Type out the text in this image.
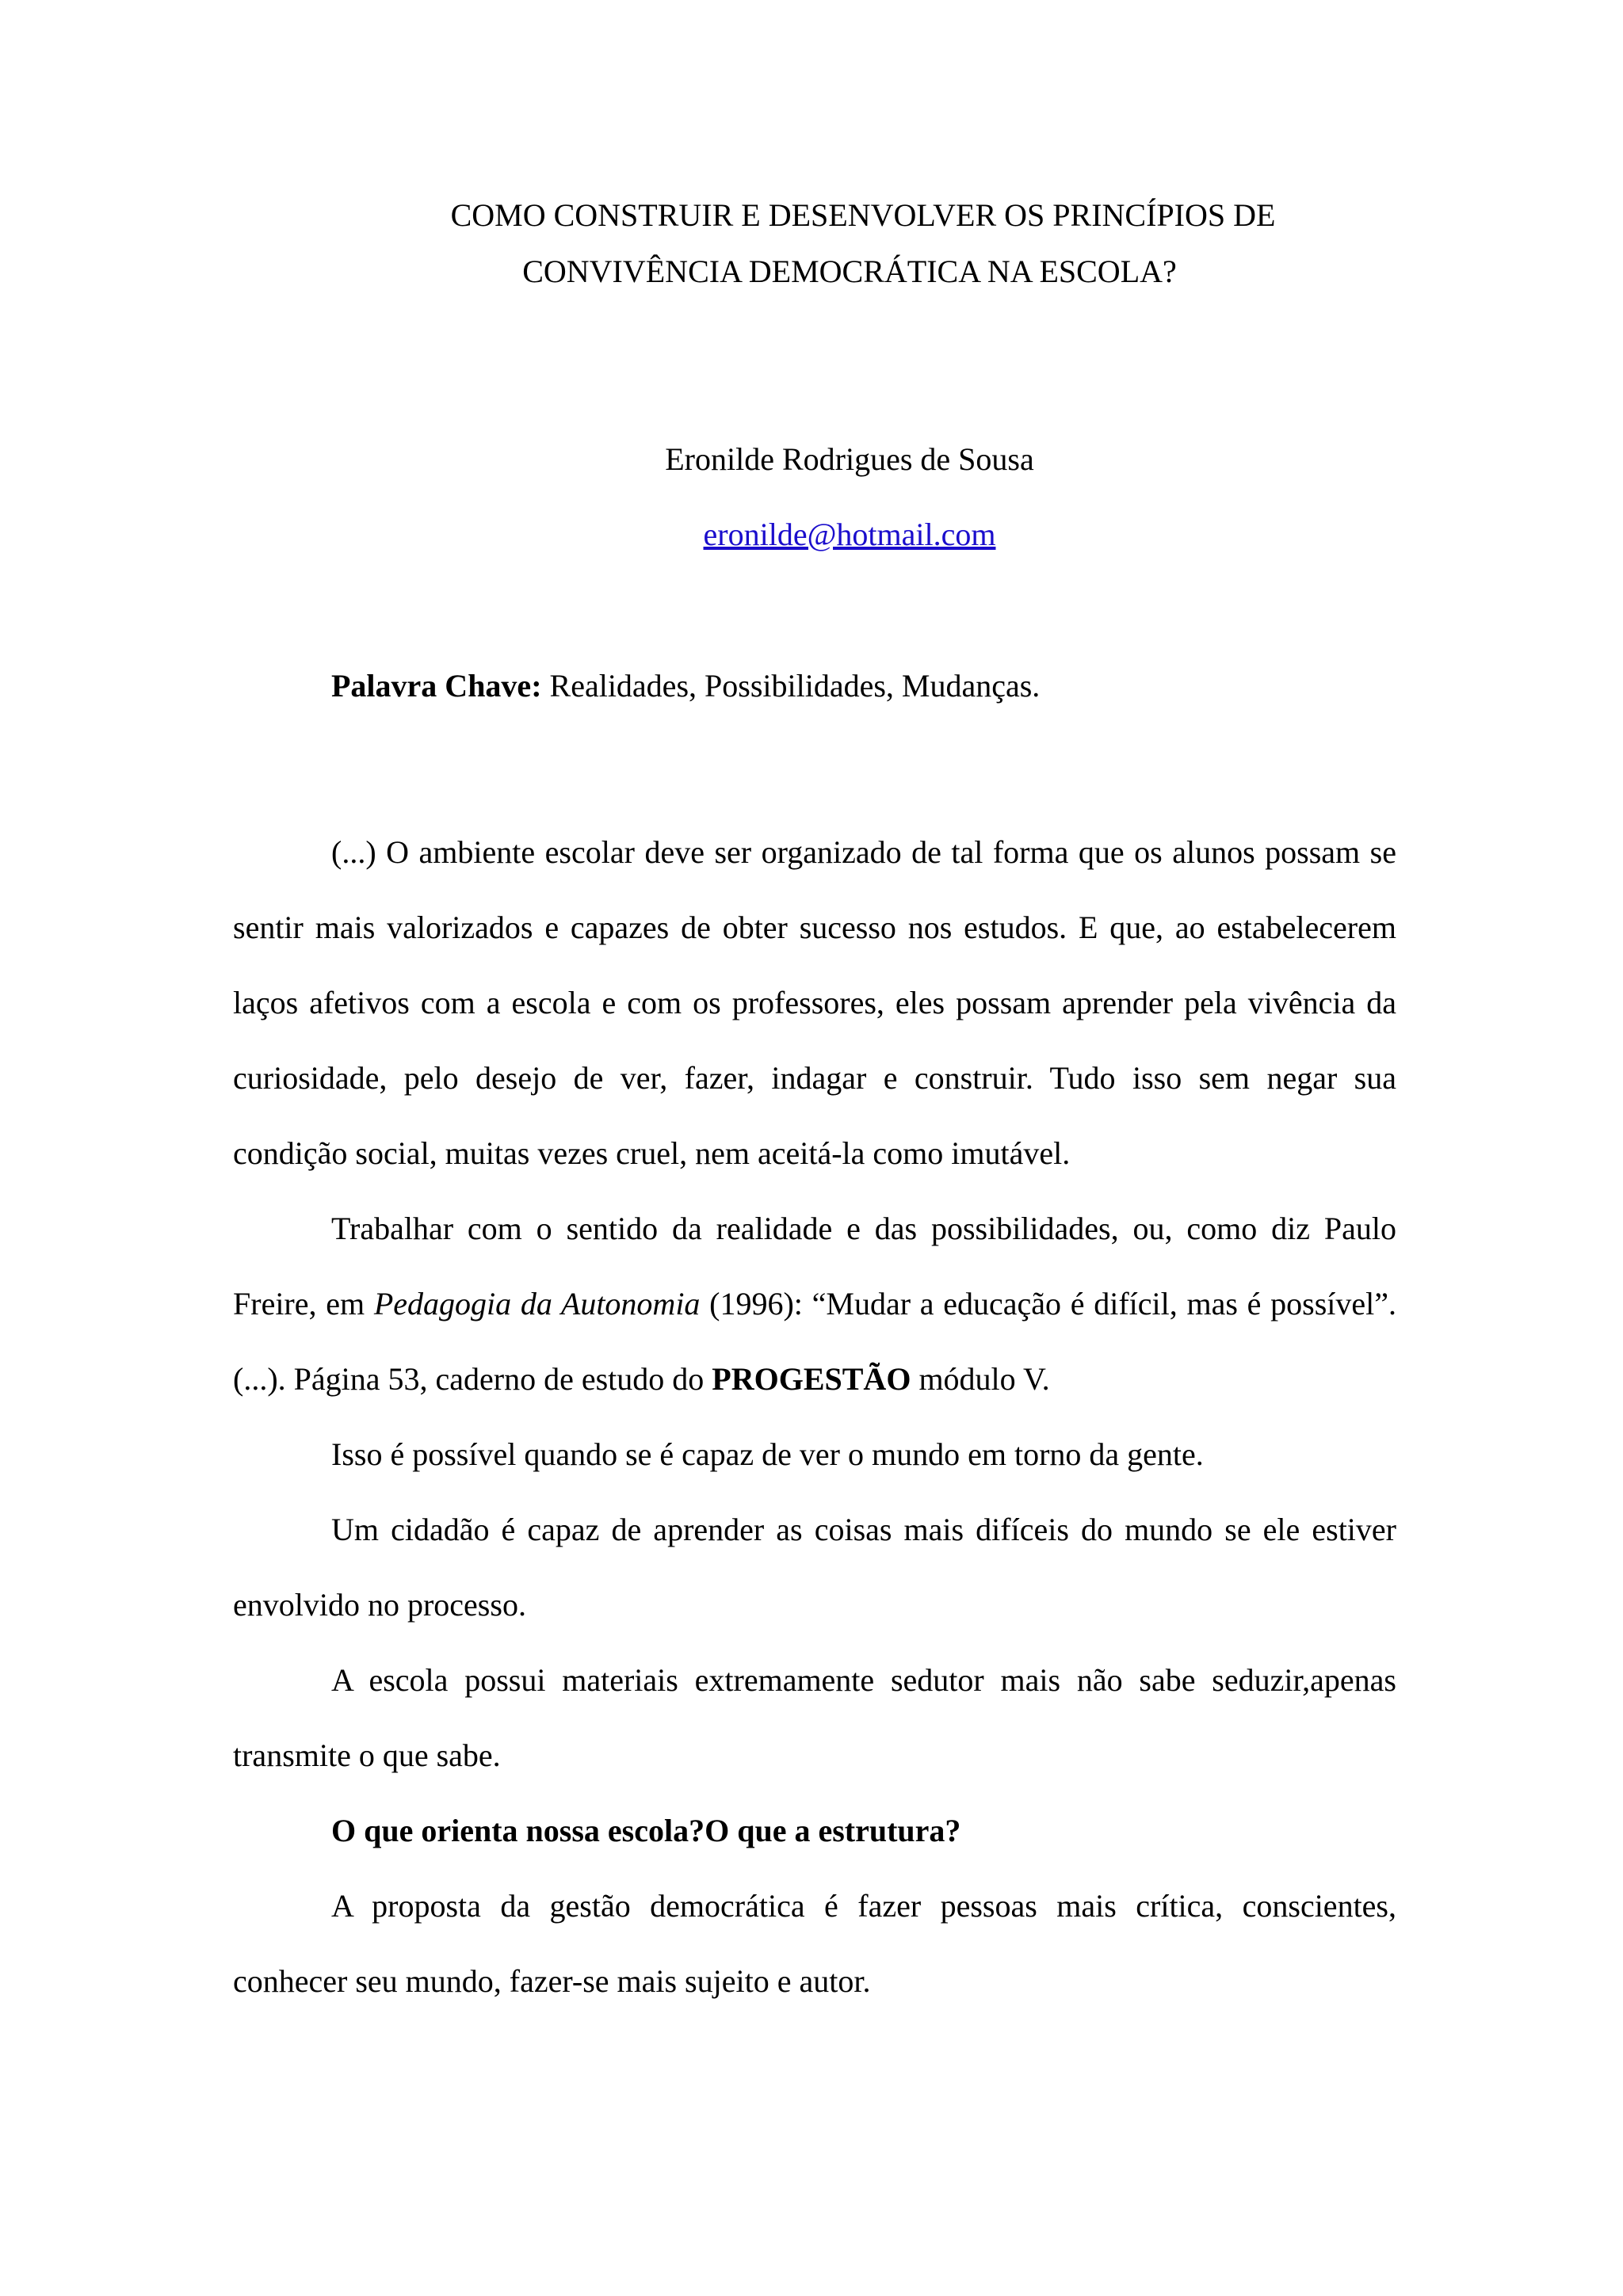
COMO CONSTRUIR E DESENVOLVER OS PRINCÍPIOS DE
CONVIVÊNCIA DEMOCRÁTICA NA ESCOLA?
Eronilde Rodrigues de Sousa
eronilde@hotmail.com
Palavra Chave: Realidades, Possibilidades, Mudanças.

(...) O ambiente escolar deve ser organizado de tal forma que os alunos possam se sentir mais valorizados e capazes de obter sucesso nos estudos. E que, ao estabelecerem laços afetivos com a escola e com os professores, eles possam aprender pela vivência da curiosidade, pelo desejo de ver, fazer, indagar e construir. Tudo isso sem negar sua condição social, muitas vezes cruel, nem aceitá-la como imutável.

Trabalhar com o sentido da realidade e das possibilidades, ou, como diz Paulo Freire, em Pedagogia da Autonomia (1996): “Mudar a educação é difícil, mas é possível”. (...). Página 53, caderno de estudo do PROGESTÃO módulo V.

Isso é possível quando se é capaz de ver o mundo em torno da gente.

Um cidadão é capaz de aprender as coisas mais difíceis do mundo se ele estiver envolvido no processo.

A escola possui materiais extremamente sedutor mais não sabe seduzir,apenas transmite o que sabe.

O que orienta nossa escola?O que a estrutura?

A proposta da gestão democrática é fazer pessoas mais crítica, conscientes, conhecer seu mundo, fazer-se mais sujeito e autor.
